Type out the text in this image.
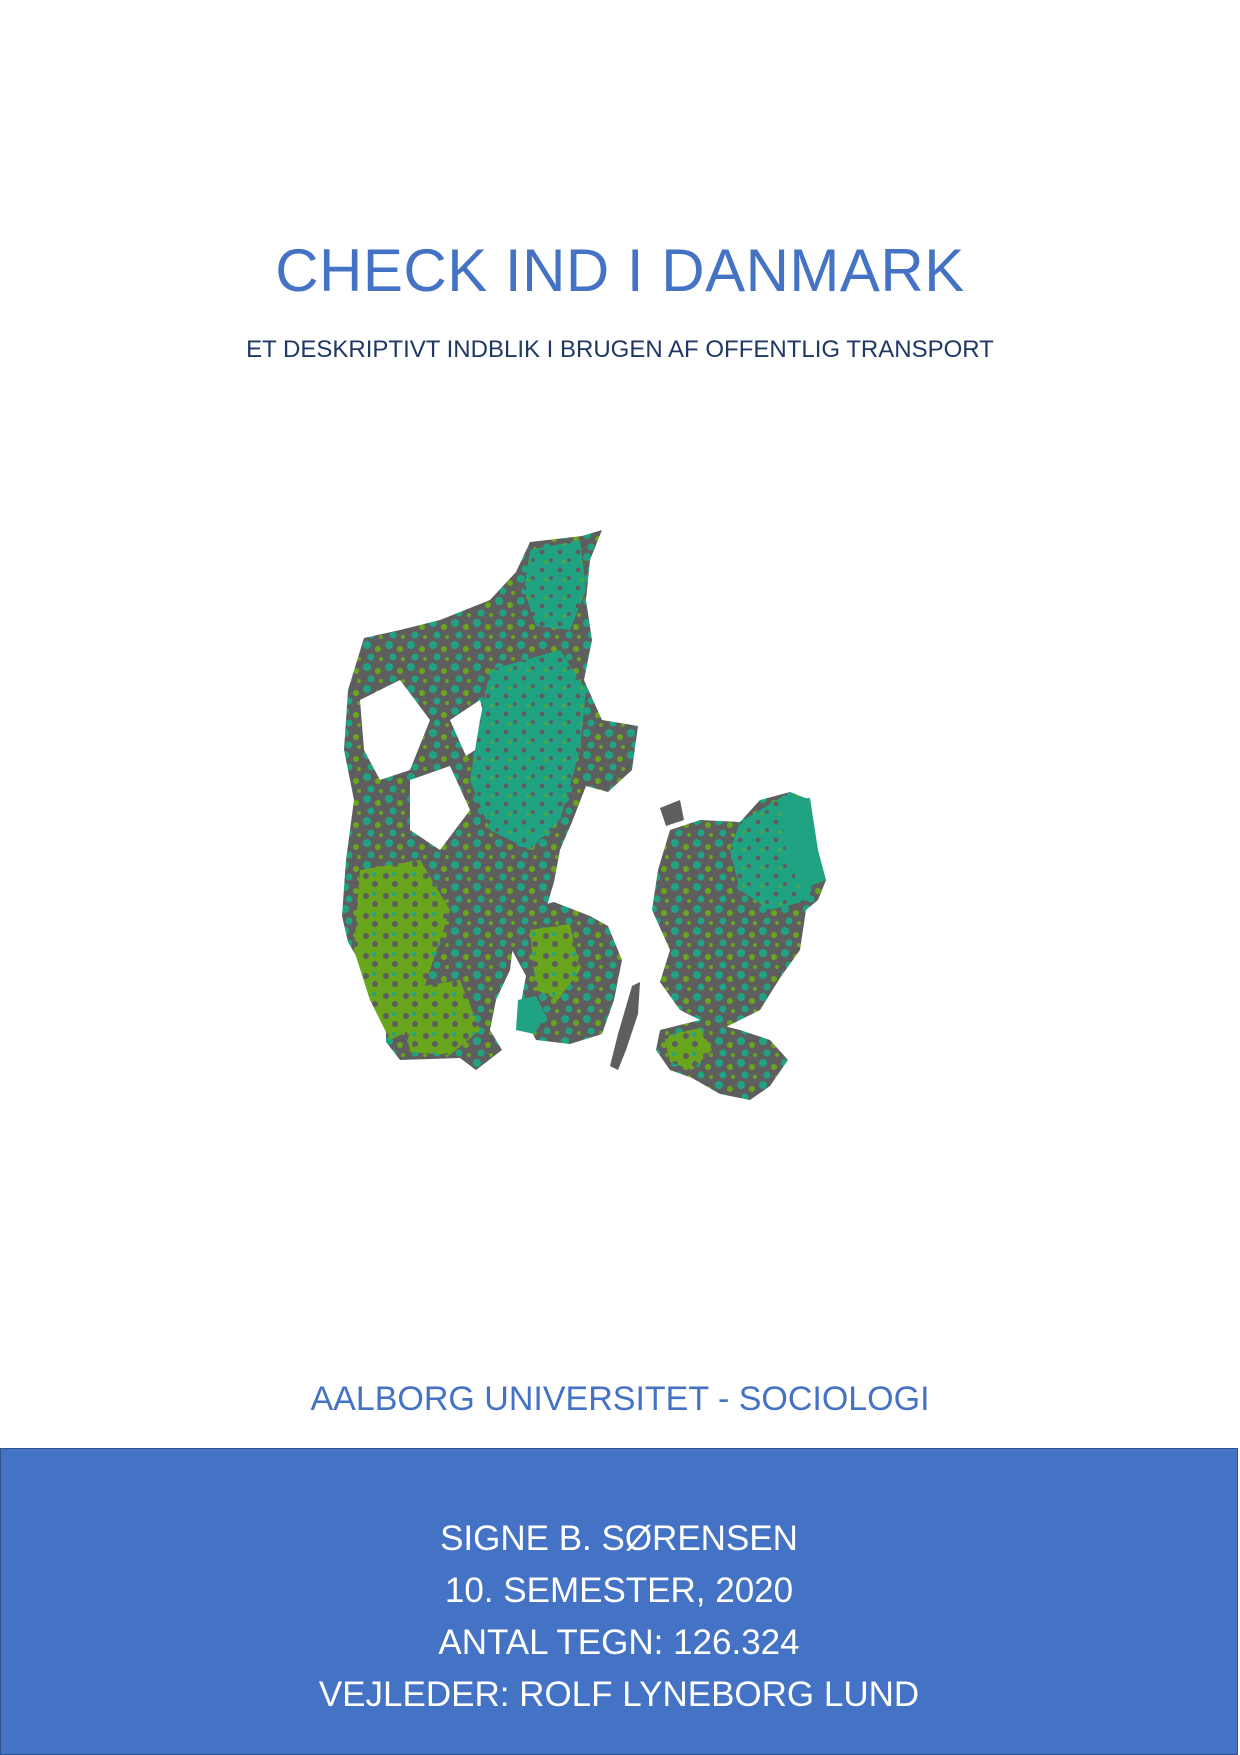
CHECK IND I DANMARK
ET DESKRIPTIVT INDBLIK I BRUGEN AF OFFENTLIG TRANSPORT
AALBORG UNIVERSITET - SOCIOLOGI
SIGNE B. SØRENSEN
10. SEMESTER, 2020
ANTAL TEGN: 126.324
VEJLEDER: ROLF LYNEBORG LUND
